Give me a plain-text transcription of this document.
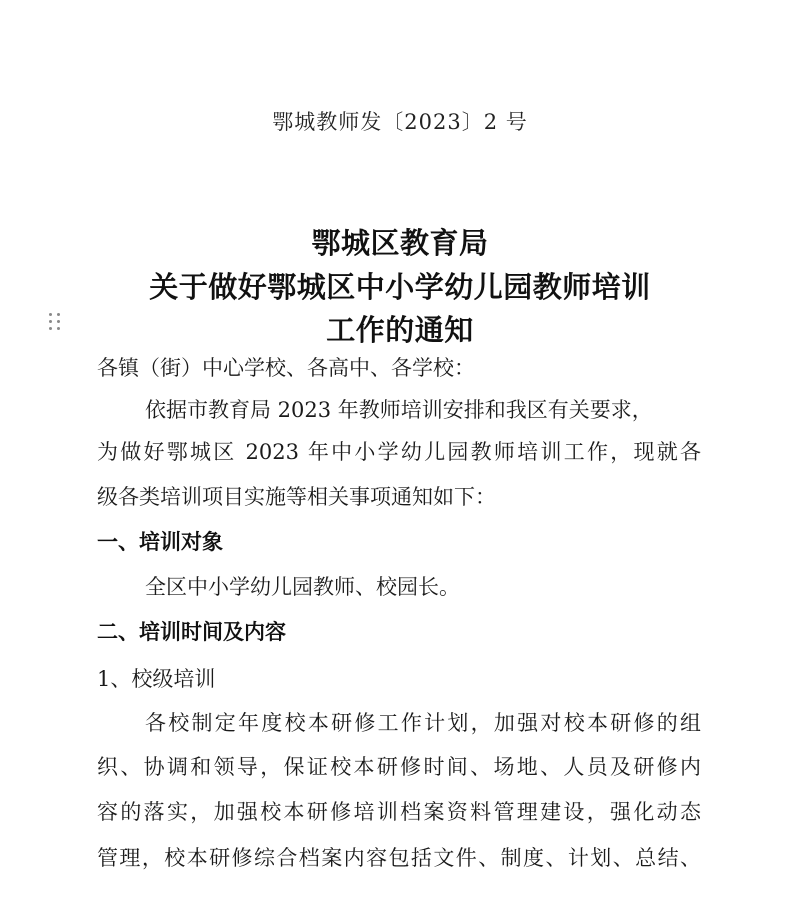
鄂城教师发〔2023〕2 号
鄂城区教育局
关于做好鄂城区中小学幼儿园教师培训
工作的通知
各镇（街）中心学校、各高中、各学校：
依据市教育局 2023 年教师培训安排和我区有关要求，
为做好鄂城区 2023 年中小学幼儿园教师培训工作，现就各
级各类培训项目实施等相关事项通知如下：
一、培训对象
全区中小学幼儿园教师、校园长。
二、培训时间及内容
1、校级培训
各校制定年度校本研修工作计划，加强对校本研修的组
织、协调和领导，保证校本研修时间、场地、人员及研修内
容的落实，加强校本研修培训档案资料管理建设，强化动态
管理，校本研修综合档案内容包括文件、制度、计划、总结、
